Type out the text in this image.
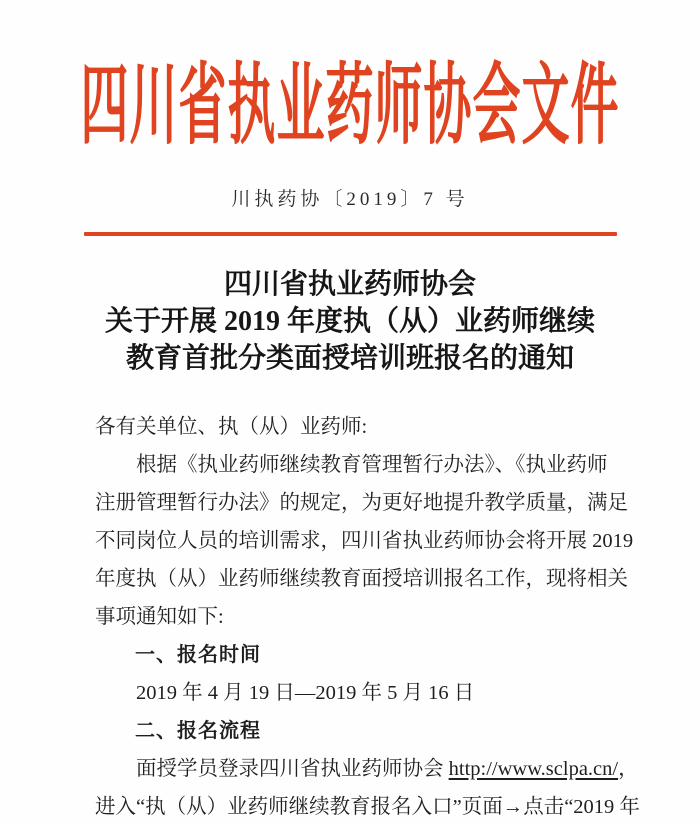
四川省执业药师协会文件
川执药协〔2019〕7 号
四川省执业药师协会
关于开展 2019 年度执（从）业药师继续
教育首批分类面授培训班报名的通知
各有关单位、执（从）业药师:
根据《执业药师继续教育管理暂行办法》、《执业药师
注册管理暂行办法》的规定，为更好地提升教学质量，满足
不同岗位人员的培训需求，四川省执业药师协会将开展 2019
年度执（从）业药师继续教育面授培训报名工作，现将相关
事项通知如下:
一、报名时间
2019 年 4 月 19 日—2019 年 5 月 16 日
二、报名流程
面授学员登录四川省执业药师协会 http://www.sclpa.cn/，
进入“执（从）业药师继续教育报名入口”页面→点击“2019 年
